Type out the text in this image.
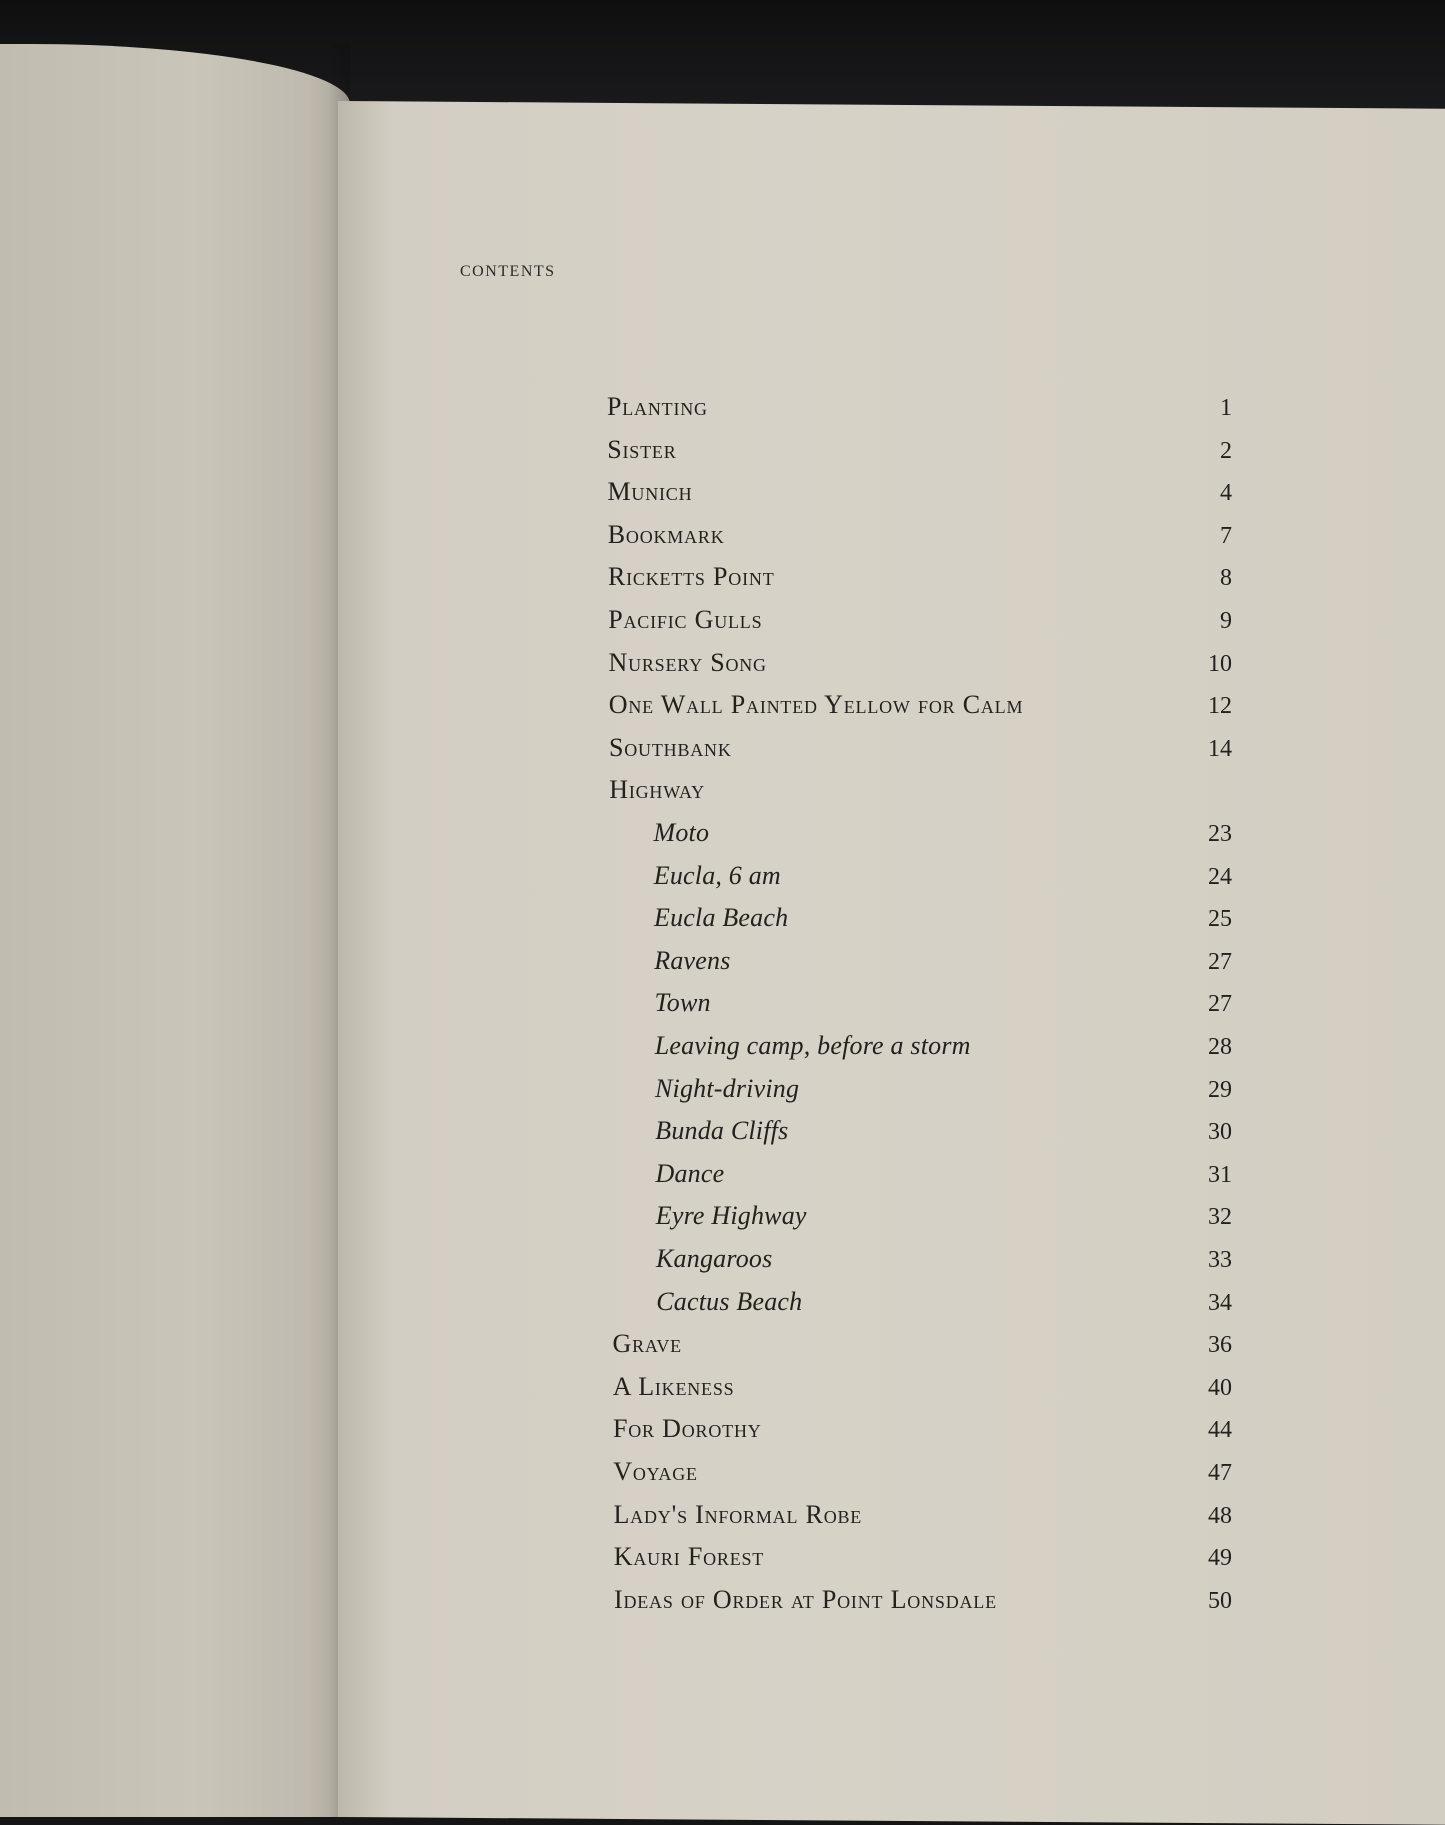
contents
Planting	1
Sister	2
Munich	4
Bookmark	7
Ricketts Point	8
Pacific Gulls	9
Nursery Song	10
One Wall Painted Yellow for Calm	12
Southbank	14
Highway
Moto	23
Eucla, 6 am	24
Eucla Beach	25
Ravens	27
Town	27
Leaving camp, before a storm	28
Night-driving	29
Bunda Cliffs	30
Dance	31
Eyre Highway	32
Kangaroos	33
Cactus Beach	34
Grave	36
A Likeness	40
For Dorothy	44
Voyage	47
Lady's Informal Robe	48
Kauri Forest	49
Ideas of Order at Point Lonsdale	50
